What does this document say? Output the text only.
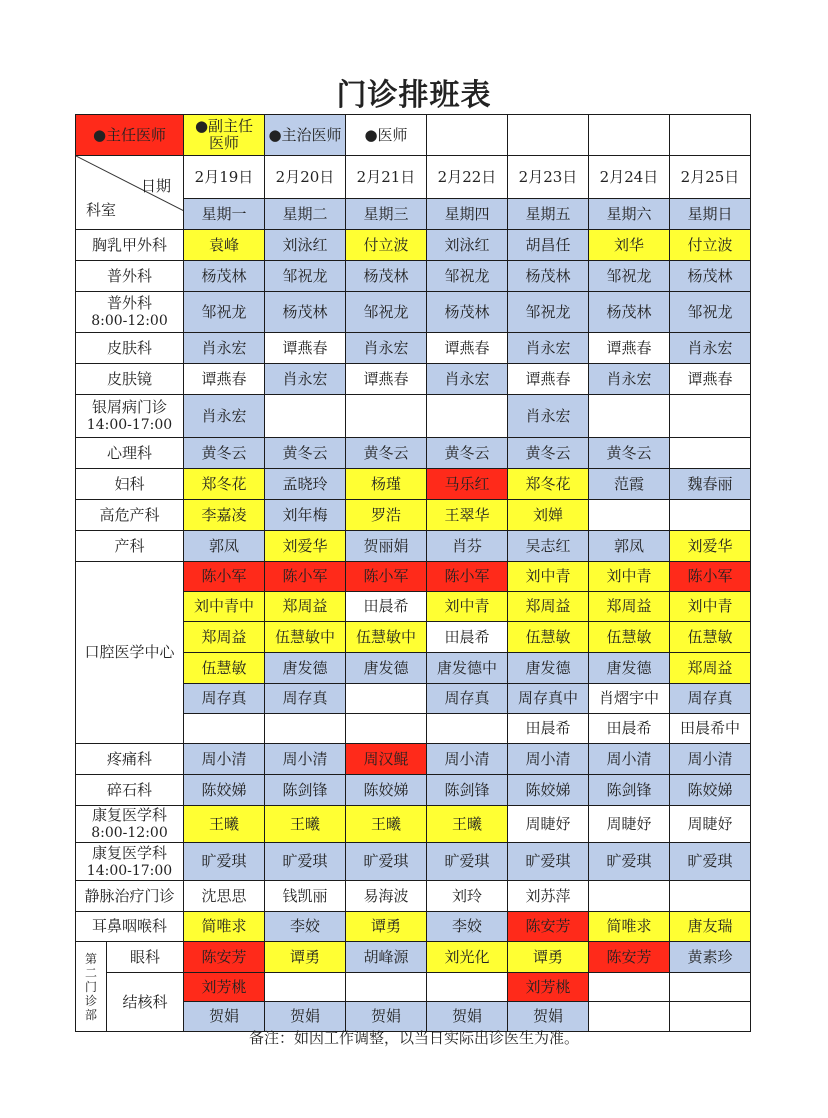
门诊排班表
●主任医师		●副主任
医师	●主治医师	●医师				

科室
日期		2月19日	2月20日	2月21日	2月22日	2月23日	2月24日	2月25日
		星期一	星期二	星期三	星期四	星期五	星期六	星期日
胸乳甲外科		袁峰	刘泳红	付立波	刘泳红	胡昌任	刘华	付立波
普外科		杨茂林	邹祝龙	杨茂林	邹祝龙	杨茂林	邹祝龙	杨茂林
普外科
8:00-12:00		邹祝龙	杨茂林	邹祝龙	杨茂林	邹祝龙	杨茂林	邹祝龙
皮肤科		肖永宏	谭燕春	肖永宏	谭燕春	肖永宏	谭燕春	肖永宏
皮肤镜		谭燕春	肖永宏	谭燕春	肖永宏	谭燕春	肖永宏	谭燕春
银屑病门诊
14:00-17:00		肖永宏				肖永宏		
心理科		黄冬云	黄冬云	黄冬云	黄冬云	黄冬云	黄冬云	
妇科		郑冬花	孟晓玲	杨瑾	马乐红	郑冬花	范霞	魏春丽
高危产科		李嘉凌	刘年梅	罗浩	王翠华	刘婵		
产科		郭凤	刘爱华	贺丽娟	肖芬	吴志红	郭凤	刘爱华
口腔医学中心		陈小军	陈小军	陈小军	陈小军	刘中青	刘中青	陈小军
		刘中青中	郑周益	田晨希	刘中青	郑周益	郑周益	刘中青
		郑周益	伍慧敏中	伍慧敏中	田晨希	伍慧敏	伍慧敏	伍慧敏
		伍慧敏	唐发德	唐发德	唐发德中	唐发德	唐发德	郑周益
		周存真	周存真		周存真	周存真中	肖熠宇中	周存真
						田晨希	田晨希	田晨希中
疼痛科		周小清	周小清	周汉鲲	周小清	周小清	周小清	周小清
碎石科		陈姣娣	陈剑锋	陈姣娣	陈剑锋	陈姣娣	陈剑锋	陈姣娣
康复医学科
8:00-12:00		王曦	王曦	王曦	王曦	周睫妤	周睫妤	周睫妤
康复医学科
14:00-17:00		旷爱琪	旷爱琪	旷爱琪	旷爱琪	旷爱琪	旷爱琪	旷爱琪
静脉治疗门诊		沈思思	钱凯丽	易海波	刘玲	刘苏萍		
耳鼻咽喉科		简唯求	李姣	谭勇	李姣	陈安芳	简唯求	唐友瑞

第二门诊部	眼科	陈安芳	谭勇	胡峰源	刘光化	谭勇	陈安芳	黄素珍
	结核科	刘芳桃				刘芳桃		
		贺娟	贺娟	贺娟	贺娟	贺娟		
备注：如因工作调整，以当日实际出诊医生为准。
